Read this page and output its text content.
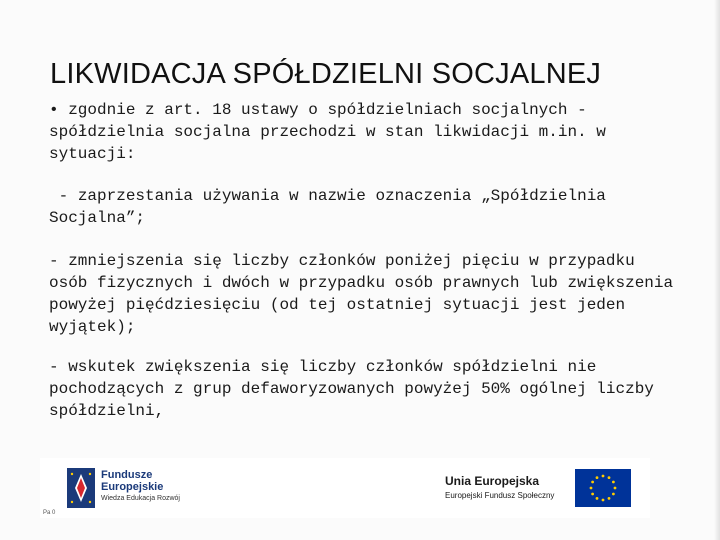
LIKWIDACJA SPÓŁDZIELNI SOCJALNEJ

• zgodnie z art. 18 ustawy o spółdzielniach socjalnych - spółdzielnia socjalna przechodzi w stan likwidacji m.in. w sytuacji:

- zaprzestania używania w nazwie oznaczenia „Spółdzielnia Socjalna”;

- zmniejszenia się liczby członków poniżej pięciu w przypadku osób fizycznych i dwóch w przypadku osób prawnych lub zwiększenia powyżej pięćdziesięciu (od tej ostatniej sytuacji jest jeden wyjątek);

- wskutek zwiększenia się liczby członków spółdzielni nie pochodzących z grup defaworyzowanych powyżej 50% ogólnej liczby spółdzielni,

Fundusze
Europejskie
Wiedza Edukacja Rozwój
Unia Europejska
Europejski Fundusz Społeczny
Pa 0
